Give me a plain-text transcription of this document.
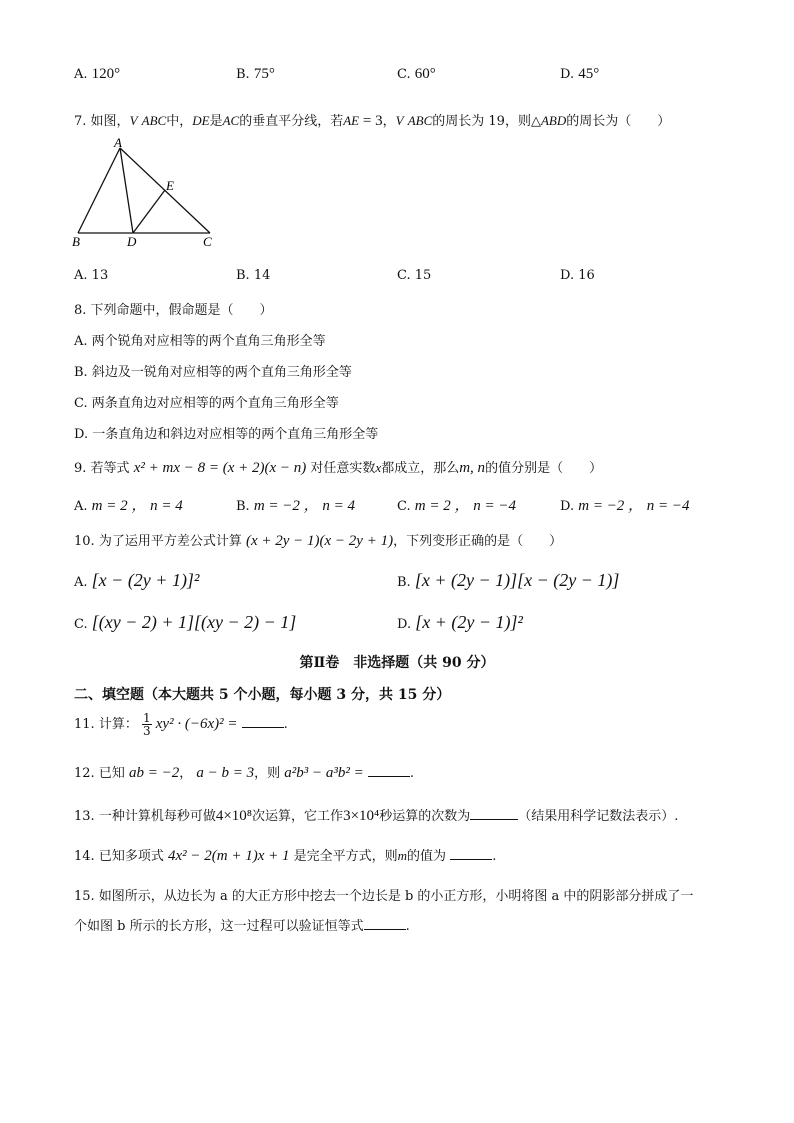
A. 120°	B. 75°	C. 60°	D. 45°
7. 如图，V ABC中，DE是AC的垂直平分线，若AE = 3，V ABC的周长为 19，则△ABD的周长为（　　）
A
B	D	C
E
A. 13	B. 14	C. 15	D. 16
8. 下列命题中，假命题是（　　）
A. 两个锐角对应相等的两个直角三角形全等
B. 斜边及一锐角对应相等的两个直角三角形全等
C. 两条直角边对应相等的两个直角三角形全等
D. 一条直角边和斜边对应相等的两个直角三角形全等
9. 若等式 x² + mx − 8 = (x + 2)(x − n) 对任意实数x都成立，那么m, n的值分别是（　　）
A. m = 2 ， n = 4	B. m = −2 ， n = 4	C. m = 2 ， n = −4	D. m = −2 ， n = −4
10. 为了运用平方差公式计算 (x + 2y − 1)(x − 2y + 1)，下列变形正确的是（　　）
A. [x − (2y + 1)]²	B. [x + (2y − 1)][x − (2y − 1)]
C. [(xy − 2) + 1][(xy − 2) − 1]	D. [x + (2y − 1)]²
第Ⅱ卷　非选择题（共 90 分）
二、填空题（本大题共 5 个小题，每小题 3 分，共 15 分）
11. 计算： $\frac{1}{3} xy^2 \cdot (-6x)^2$ =	.
12. 已知 ab = −2， a − b = 3，则 a²b³ − a³b² =	.
13. 一种计算机每秒可做4×10⁸次运算，它工作3×10⁴秒运算的次数为	（结果用科学记数法表示）.
14. 已知多项式 4x² − 2(m + 1)x + 1 是完全平方式，则m的值为	.
15. 如图所示，从边长为 a 的大正方形中挖去一个边长是 b 的小正方形，小明将图 a 中的阴影部分拼成了一
个如图 b 所示的长方形，这一过程可以验证恒等式	.
